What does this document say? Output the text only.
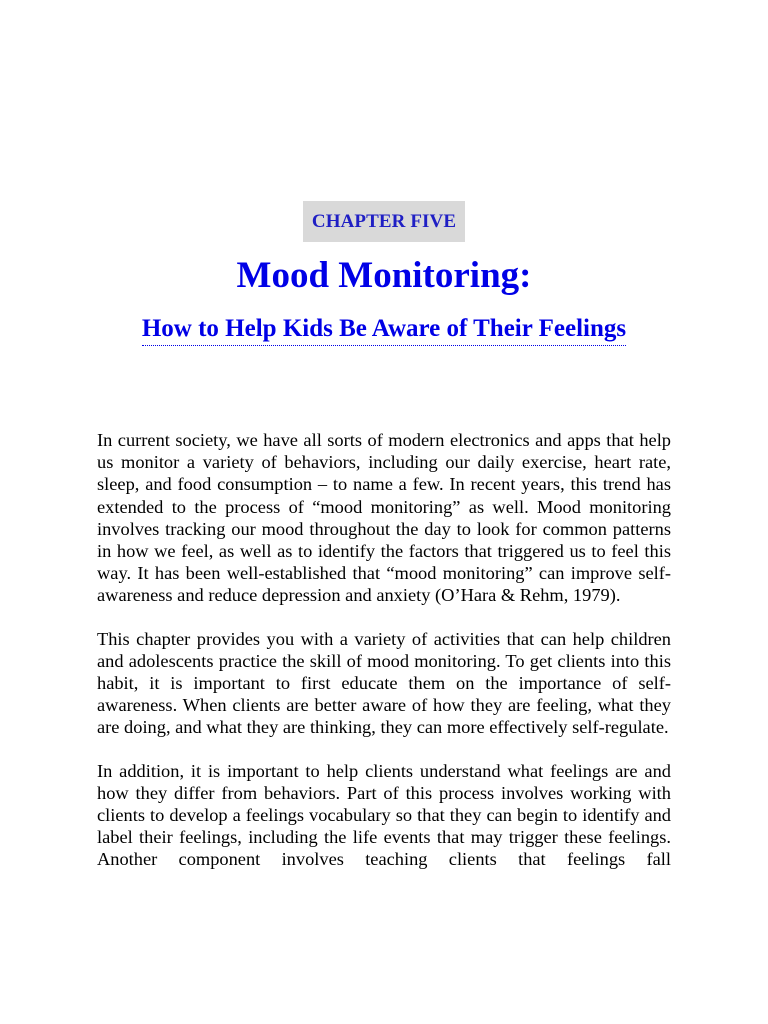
CHAPTER FIVE
Mood Monitoring:
How to Help Kids Be Aware of Their Feelings

In current society, we have all sorts of modern electronics and apps that help us monitor a variety of behaviors, including our daily exercise, heart rate, sleep, and food consumption – to name a few. In recent years, this trend has extended to the process of “mood monitoring” as well. Mood monitoring involves tracking our mood throughout the day to look for common patterns in how we feel, as well as to identify the factors that triggered us to feel this way. It has been well-established that “mood monitoring” can improve self-awareness and reduce depression and anxiety (O’Hara & Rehm, 1979).

This chapter provides you with a variety of activities that can help children and adolescents practice the skill of mood monitoring. To get clients into this habit, it is important to first educate them on the importance of self-awareness. When clients are better aware of how they are feeling, what they are doing, and what they are thinking, they can more effectively self-regulate.

In addition, it is important to help clients understand what feelings are and how they differ from behaviors. Part of this process involves working with clients to develop a feelings vocabulary so that they can begin to identify and label their feelings, including the life events that may trigger these feelings. Another component involves teaching clients that feelings fall
